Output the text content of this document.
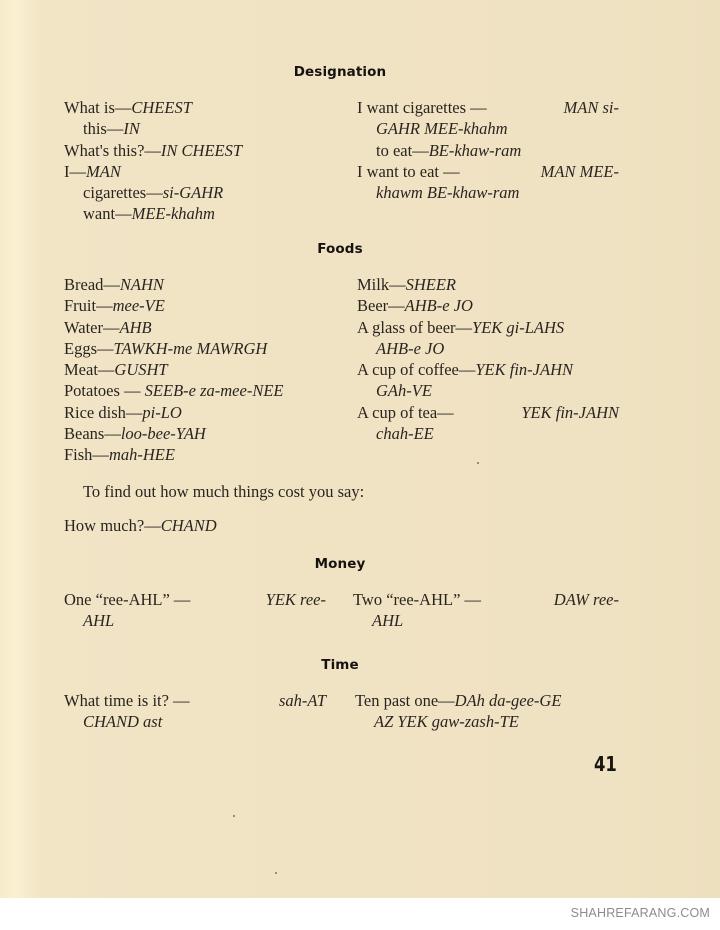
Designation
What is—CHEEST
this—IN
What's this?—IN CHEEST
I—MAN
cigarettes—si-GAHR
want—MEE-khahm
I want cigarettes —	MAN si-
GAHR MEE-khahm
to eat—BE-khaw-ram
I want to eat —	MAN MEE-
khawm BE-khaw-ram
Foods
Bread—NAHN
Fruit—mee-VE
Water—AHB
Eggs—TAWKH-me MAWRGH
Meat—GUSHT
Potatoes — SEEB-e za-mee-NEE
Rice dish—pi-LO
Beans—loo-bee-YAH
Fish—mah-HEE
Milk—SHEER
Beer—AHB-e JO
A glass of beer—YEK gi-LAHS
AHB-e JO
A cup of coffee—YEK fin-JAHN
GAh-VE
A cup of tea—	YEK fin-JAHN
chah-EE
To find out how much things cost you say:
How much?—CHAND
Money
One “ree-AHL” —	YEK ree-
AHL
Two “ree-AHL” —	DAW ree-
AHL
Time
What time is it? —	sah-AT
CHAND ast
Ten past one—DAh da-gee-GE
AZ YEK gaw-zash-TE
41
SHAHREFARANG.COM
